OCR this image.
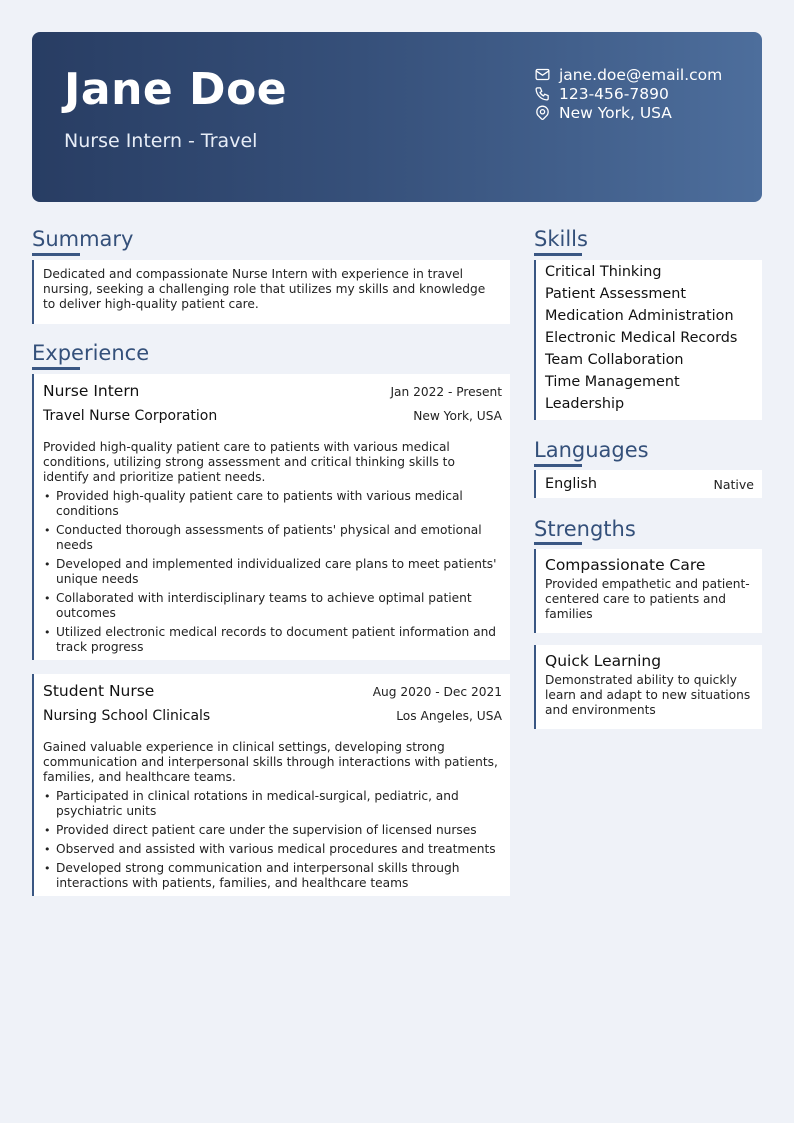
Jane Doe
Nurse Intern - Travel
jane.doe@email.com
123-456-7890
New York, USA
Summary
Dedicated and compassionate Nurse Intern with experience in travel nursing, seeking a challenging role that utilizes my skills and knowledge to deliver high-quality patient care.
Experience
Nurse Intern	Jan 2022 - Present
Travel Nurse Corporation	New York, USA
Provided high-quality patient care to patients with various medical conditions, utilizing strong assessment and critical thinking skills to identify and prioritize patient needs.
• Provided high-quality patient care to patients with various medical conditions
• Conducted thorough assessments of patients' physical and emotional needs
• Developed and implemented individualized care plans to meet patients' unique needs
• Collaborated with interdisciplinary teams to achieve optimal patient outcomes
• Utilized electronic medical records to document patient information and track progress
Student Nurse	Aug 2020 - Dec 2021
Nursing School Clinicals	Los Angeles, USA
Gained valuable experience in clinical settings, developing strong communication and interpersonal skills through interactions with patients, families, and healthcare teams.
• Participated in clinical rotations in medical-surgical, pediatric, and psychiatric units
• Provided direct patient care under the supervision of licensed nurses
• Observed and assisted with various medical procedures and treatments
• Developed strong communication and interpersonal skills through interactions with patients, families, and healthcare teams
Skills
Critical Thinking
Patient Assessment
Medication Administration
Electronic Medical Records
Team Collaboration
Time Management
Leadership
Languages
English	Native
Strengths
Compassionate Care
Provided empathetic and patient-centered care to patients and families
Quick Learning
Demonstrated ability to quickly learn and adapt to new situations and environments
